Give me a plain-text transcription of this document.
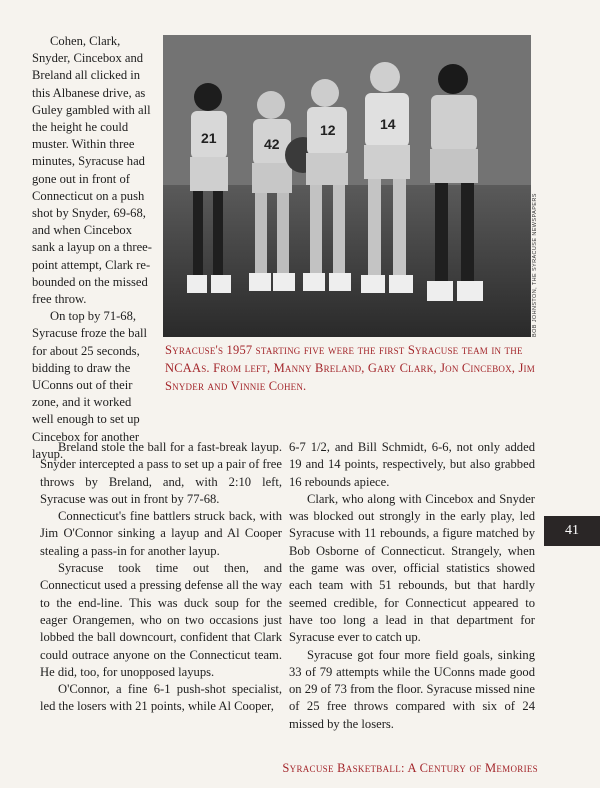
Cohen, Clark, Snyder, Cincebox and Breland all clicked in this Albanese drive, as Guley gambled with all the height he could muster. Within three minutes, Syracuse had gone out in front of Connecticut on a push shot by Snyder, 69-68, and when Cincebox sank a layup on a three-point attempt, Clark re-bounded on the missed free throw.

On top by 71-68, Syracuse froze the ball for about 25 seconds, bidding to draw the UConns out of their zone, and it worked well enough to set up Cincebox for another layup.

21	42
12	14
BOB JOHNSTON, THE SYRACUSE NEWSPAPERS
Syracuse's 1957 starting five were the first Syracuse team in the NCAAs. From left, Manny Breland, Gary Clark, Jon Cincebox, Jim Snyder and Vinnie Cohen.

Breland stole the ball for a fast-break layup. Snyder intercepted a pass to set up a pair of free throws by Breland, and, with 2:10 left, Syracuse was out in front by 77-68.

Connecticut's fine battlers struck back, with Jim O'Connor sinking a layup and Al Cooper stealing a pass-in for another layup.

Syracuse took time out then, and Connecticut used a pressing defense all the way to the end-line. This was duck soup for the eager Orangemen, who on two occasions just lobbed the ball downcourt, confident that Clark could outrace anyone on the Connecticut team. He did, too, for unopposed layups.

O'Connor, a fine 6-1 push-shot specialist, led the losers with 21 points, while Al Cooper,

6-7 1/2, and Bill Schmidt, 6-6, not only added 19 and 14 points, respectively, but also grabbed 16 rebounds apiece.

Clark, who along with Cincebox and Snyder was blocked out strongly in the early play, led Syracuse with 11 rebounds, a figure matched by Bob Osborne of Connecticut. Strangely, when the game was over, official statistics showed each team with 51 rebounds, but that hardly seemed credible, for Connecticut appeared to have too long a lead in that department for Syracuse ever to catch up.

Syracuse got four more field goals, sinking 33 of 79 attempts while the UConns made good on 29 of 73 from the floor. Syracuse missed nine of 25 free throws compared with six of 24 missed by the losers.

41
Syracuse Basketball: A Century of Memories
